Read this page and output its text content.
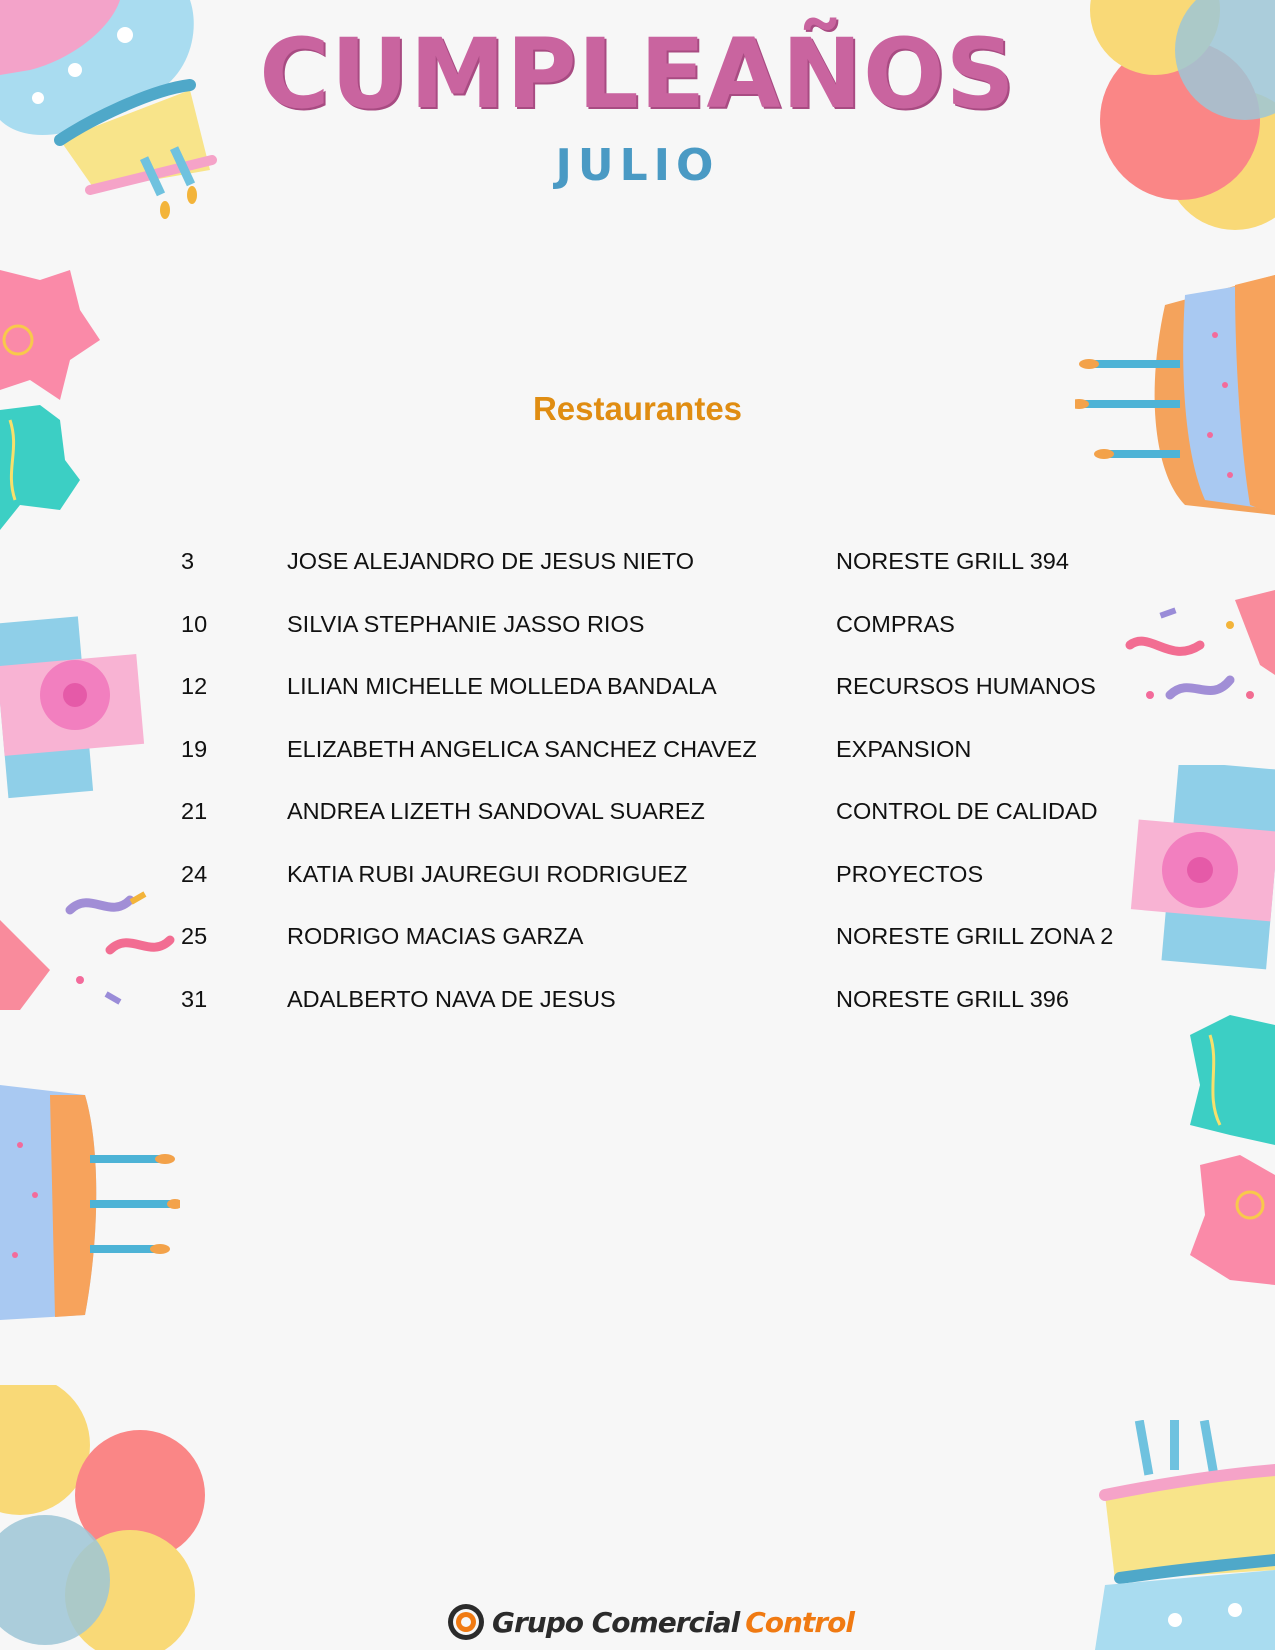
CUMPLEAÑOS
JULIO
Restaurantes
3	JOSE ALEJANDRO DE JESUS NIETO	NORESTE GRILL 394
10	SILVIA STEPHANIE JASSO RIOS	COMPRAS
12	LILIAN MICHELLE MOLLEDA BANDALA	RECURSOS HUMANOS
19	ELIZABETH ANGELICA SANCHEZ CHAVEZ	EXPANSION
21	ANDREA LIZETH SANDOVAL SUAREZ	CONTROL DE CALIDAD
24	KATIA RUBI JAUREGUI RODRIGUEZ	PROYECTOS
25	RODRIGO MACIAS GARZA	NORESTE GRILL ZONA 2
31	ADALBERTO NAVA DE JESUS	NORESTE GRILL 396
Grupo Comercial Control
